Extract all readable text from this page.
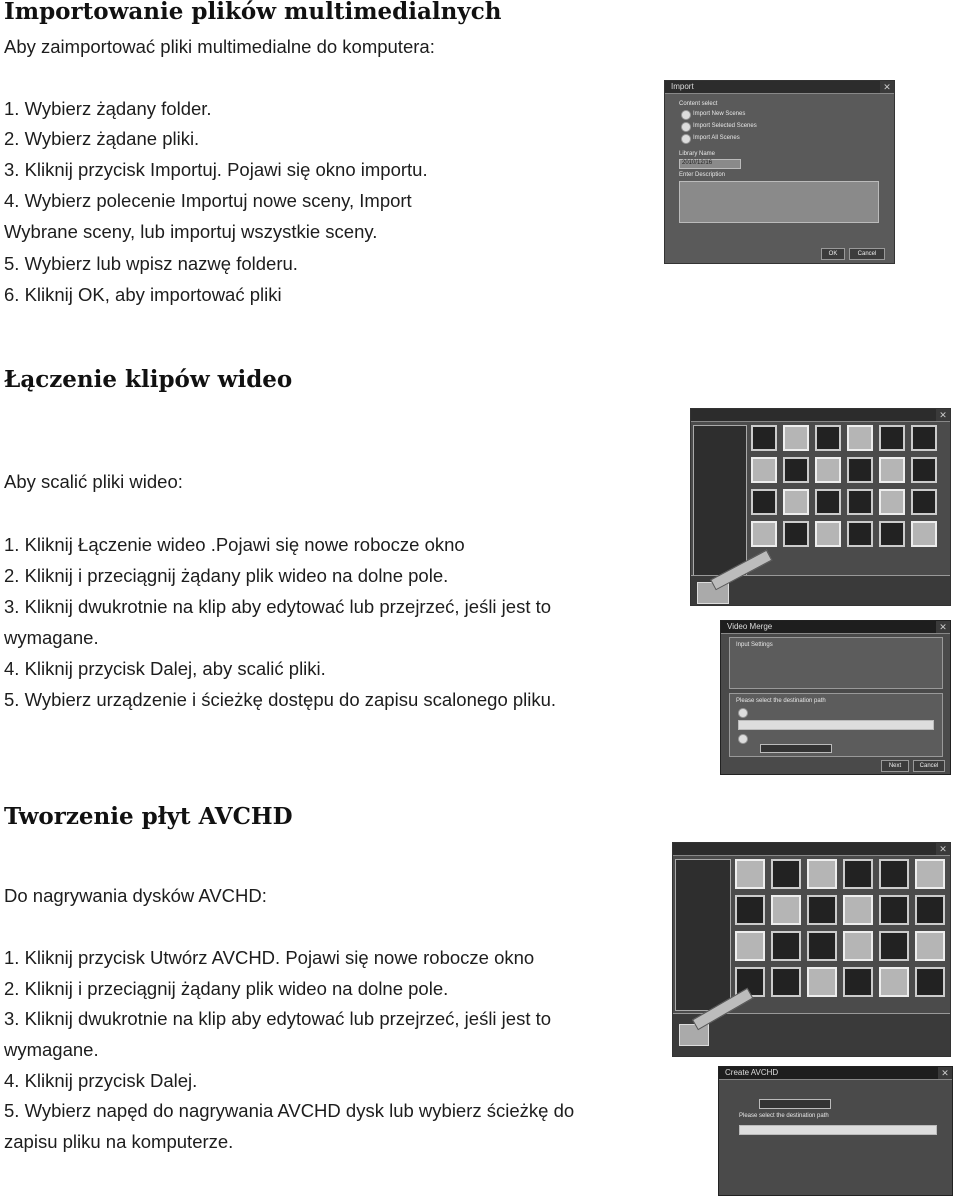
Importowanie plików multimedialnych

Aby zaimportować pliki multimedialne do komputera:

1. Wybierz żądany folder.

2. Wybierz żądane pliki.

3. Kliknij przycisk Importuj. Pojawi się okno importu.

4. Wybierz polecenie Importuj nowe sceny, Import

Wybrane sceny, lub importuj wszystkie sceny.

5. Wybierz lub wpisz nazwę folderu.

6. Kliknij OK, aby importować pliki

Import	✕
Content select
Import New Scenes
Import Selected Scenes
Import All Scenes
Library Name
2010/12/16
Enter Description
OK	Cancel
Łączenie klipów wideo

Aby scalić pliki wideo:

1. Kliknij Łączenie wideo .Pojawi się nowe robocze okno

2. Kliknij i przeciągnij żądany plik wideo na dolne pole.

3. Kliknij dwukrotnie na klip aby edytować lub przejrzeć, jeśli jest to

wymagane.

4. Kliknij przycisk Dalej, aby scalić pliki.

5. Wybierz urządzenie i ścieżkę dostępu do zapisu scalonego pliku.

✕
Video Merge	✕
Input Settings
Please select the destination path
Next	Cancel
Tworzenie płyt AVCHD

Do nagrywania dysków AVCHD:

1. Kliknij przycisk Utwórz AVCHD. Pojawi się nowe robocze okno

2. Kliknij i przeciągnij żądany plik wideo na dolne pole.

3. Kliknij dwukrotnie na klip aby edytować lub przejrzeć, jeśli jest to

wymagane.

4. Kliknij przycisk Dalej.

5. Wybierz napęd do nagrywania AVCHD dysk lub wybierz ścieżkę do

zapisu pliku na komputerze.

✕
Create AVCHD	✕
Please select the destination path
